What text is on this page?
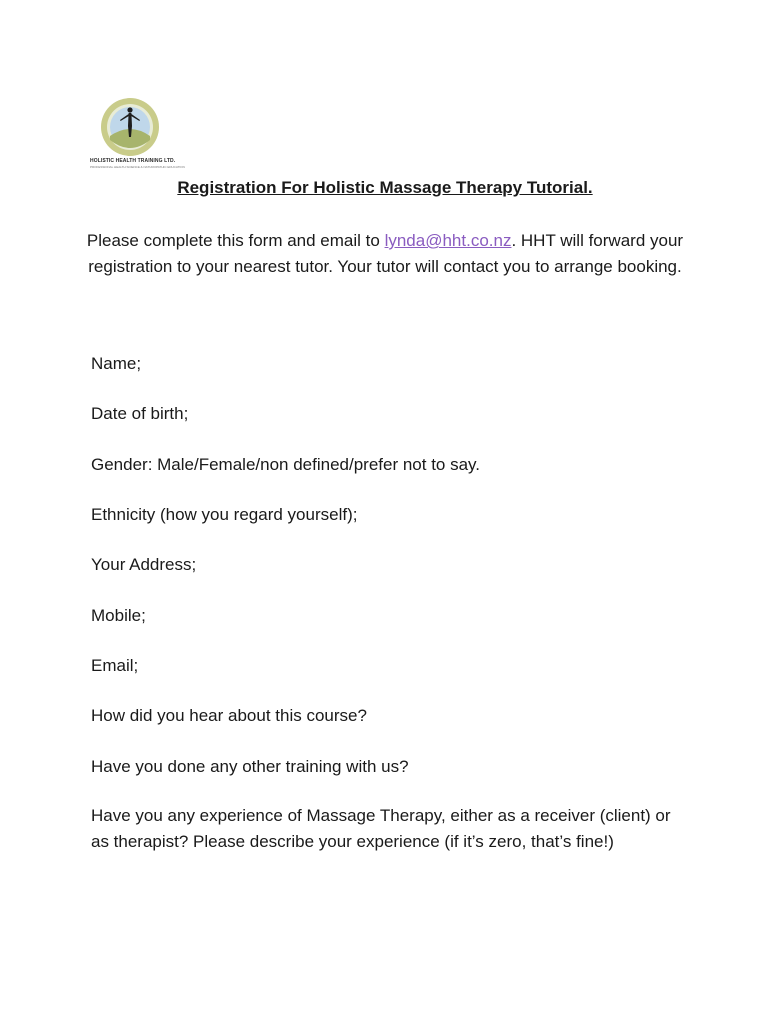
HOLISTIC HEALTH TRAINING LTD.
PROFESSIONAL HEALTH SCIENCE & NATUROPATHIC EDUCATION
Registration For Holistic Massage Therapy Tutorial.

Please complete this form and email to lynda@hht.co.nz. HHT will forward your registration to your nearest tutor. Your tutor will contact you to arrange booking.

Name;

Date of birth;

Gender: Male/Female/non defined/prefer not to say.

Ethnicity (how you regard yourself);

Your Address;

Mobile;

Email;

How did you hear about this course?

Have you done any other training with us?

Have you any experience of Massage Therapy, either as a receiver (client) or as therapist? Please describe your experience (if it’s zero, that’s fine!)
